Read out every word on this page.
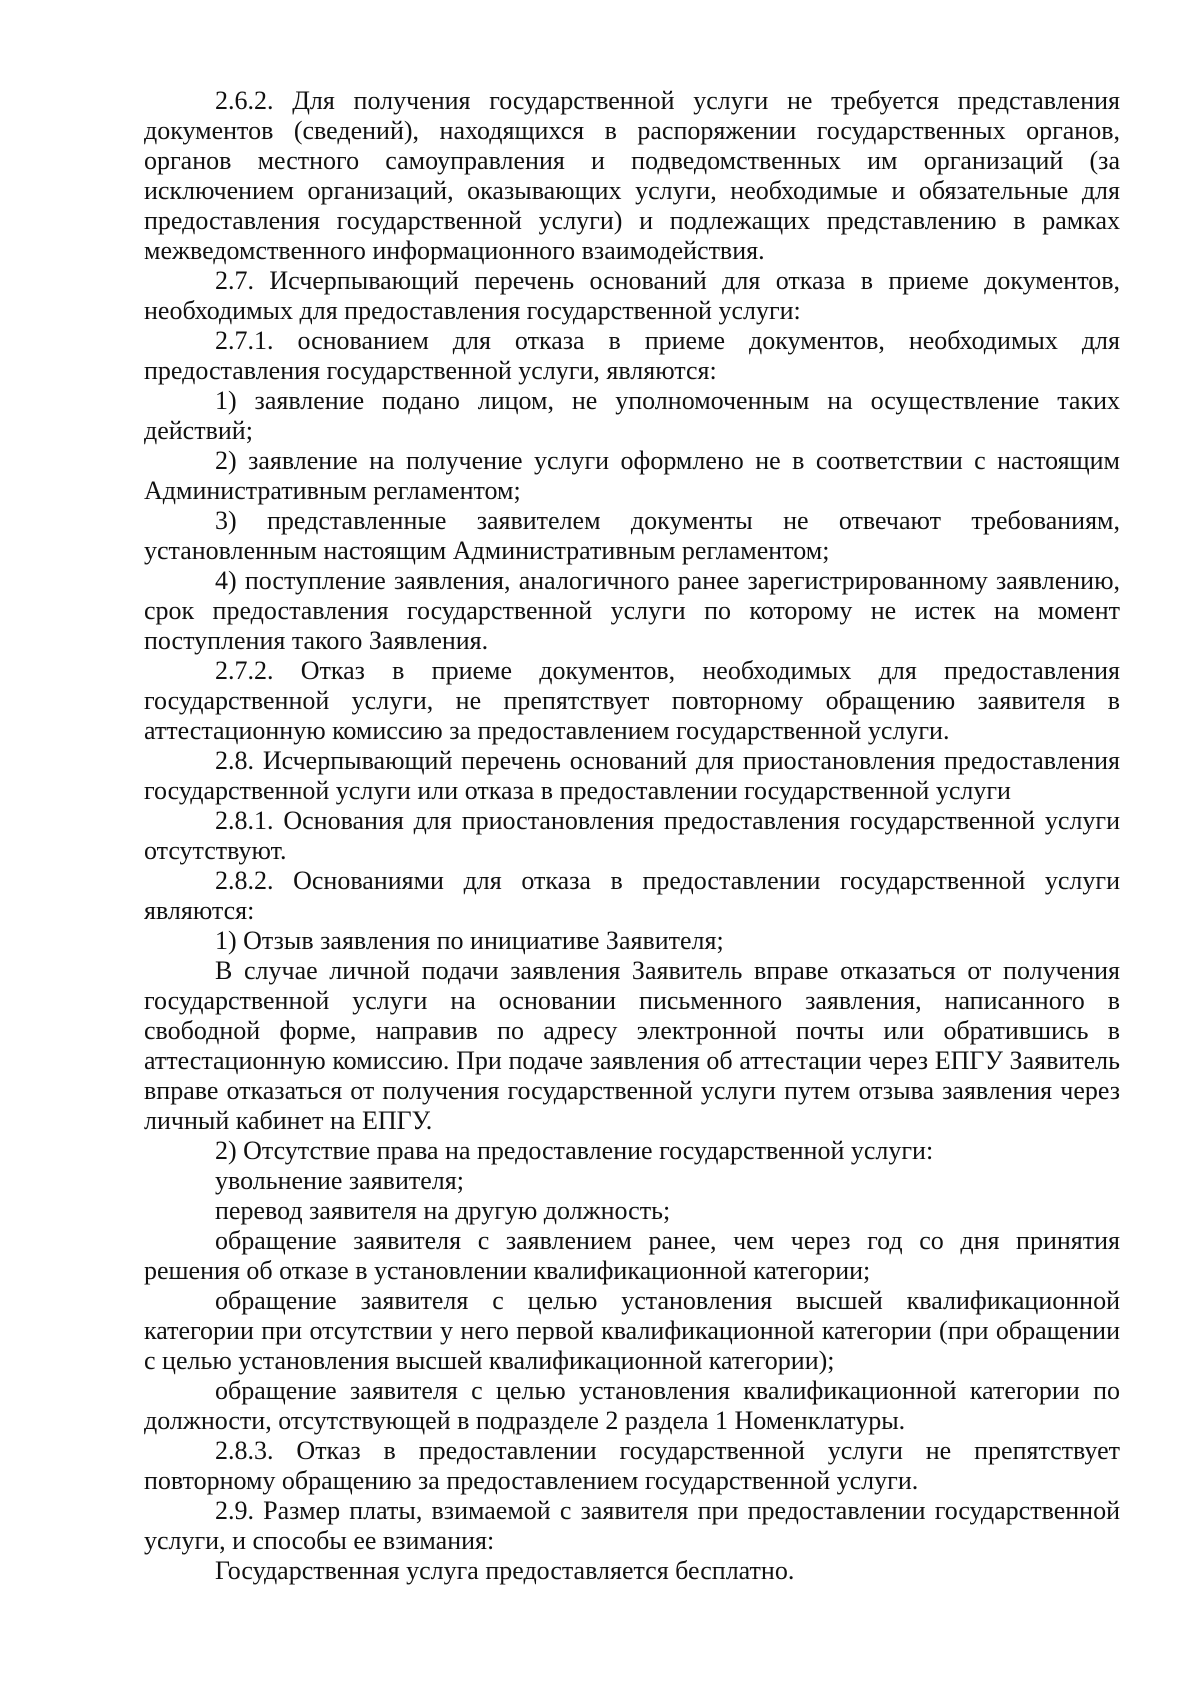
2.6.2. Для получения государственной услуги не требуется представления документов (сведений), находящихся в распоряжении государственных органов, органов местного самоуправления и подведомственных им организаций (за исключением организаций, оказывающих услуги, необходимые и обязательные для предоставления государственной услуги) и подлежащих представлению в рамках межведомственного информационного взаимодействия.

2.7. Исчерпывающий перечень оснований для отказа в приеме документов, необходимых для предоставления государственной услуги:

2.7.1. основанием для отказа в приеме документов, необходимых для предоставления государственной услуги, являются:

1) заявление подано лицом, не уполномоченным на осуществление таких действий;

2) заявление на получение услуги оформлено не в соответствии с настоящим Административным регламентом;

3) представленные заявителем документы не отвечают требованиям, установленным настоящим Административным регламентом;

4) поступление заявления, аналогичного ранее зарегистрированному заявлению, срок предоставления государственной услуги по которому не истек на момент поступления такого Заявления.

2.7.2. Отказ в приеме документов, необходимых для предоставления государственной услуги, не препятствует повторному обращению заявителя в аттестационную комиссию за предоставлением государственной услуги.

2.8. Исчерпывающий перечень оснований для приостановления предоставления государственной услуги или отказа в предоставлении государственной услуги

2.8.1. Основания для приостановления предоставления государственной услуги отсутствуют.

2.8.2. Основаниями для отказа в предоставлении государственной услуги являются:

1) Отзыв заявления по инициативе Заявителя;

В случае личной подачи заявления Заявитель вправе отказаться от получения государственной услуги на основании письменного заявления, написанного в свободной форме, направив по адресу электронной почты или обратившись в аттестационную комиссию. При подаче заявления об аттестации через ЕПГУ Заявитель вправе отказаться от получения государственной услуги путем отзыва заявления через личный кабинет на ЕПГУ.

2) Отсутствие права на предоставление государственной услуги:

увольнение заявителя;

перевод заявителя на другую должность;

обращение заявителя с заявлением ранее, чем через год со дня принятия решения об отказе в установлении квалификационной категории;

обращение заявителя с целью установления высшей квалификационной категории при отсутствии у него первой квалификационной категории (при обращении с целью установления высшей квалификационной категории);

обращение заявителя с целью установления квалификационной категории по должности, отсутствующей в подразделе 2 раздела 1 Номенклатуры.

2.8.3. Отказ в предоставлении государственной услуги не препятствует повторному обращению за предоставлением государственной услуги.

2.9. Размер платы, взимаемой с заявителя при предоставлении государственной услуги, и способы ее взимания:

Государственная услуга предоставляется бесплатно.
